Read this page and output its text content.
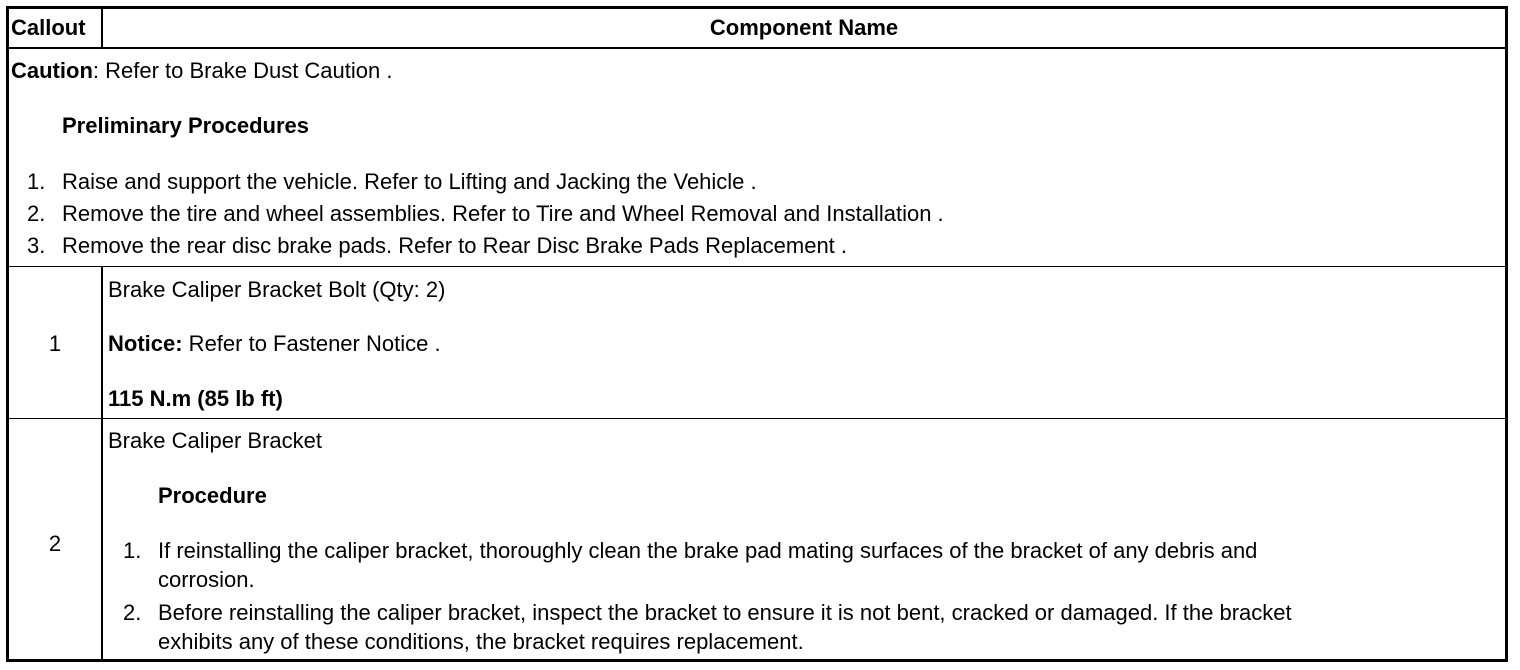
Callout	Component Name
Caution: Refer to Brake Dust Caution .
Preliminary Procedures
1. Raise and support the vehicle. Refer to Lifting and Jacking the Vehicle .
2. Remove the tire and wheel assemblies. Refer to Tire and Wheel Removal and Installation .
3. Remove the rear disc brake pads. Refer to Rear Disc Brake Pads Replacement .
1
Brake Caliper Bracket Bolt (Qty: 2)
Notice: Refer to Fastener Notice .
115 N.m (85 lb ft)
2
Brake Caliper Bracket
Procedure
1. If reinstalling the caliper bracket, thoroughly clean the brake pad mating surfaces of the bracket of any debris and
corrosion.
2. Before reinstalling the caliper bracket, inspect the bracket to ensure it is not bent, cracked or damaged. If the bracket
exhibits any of these conditions, the bracket requires replacement.
